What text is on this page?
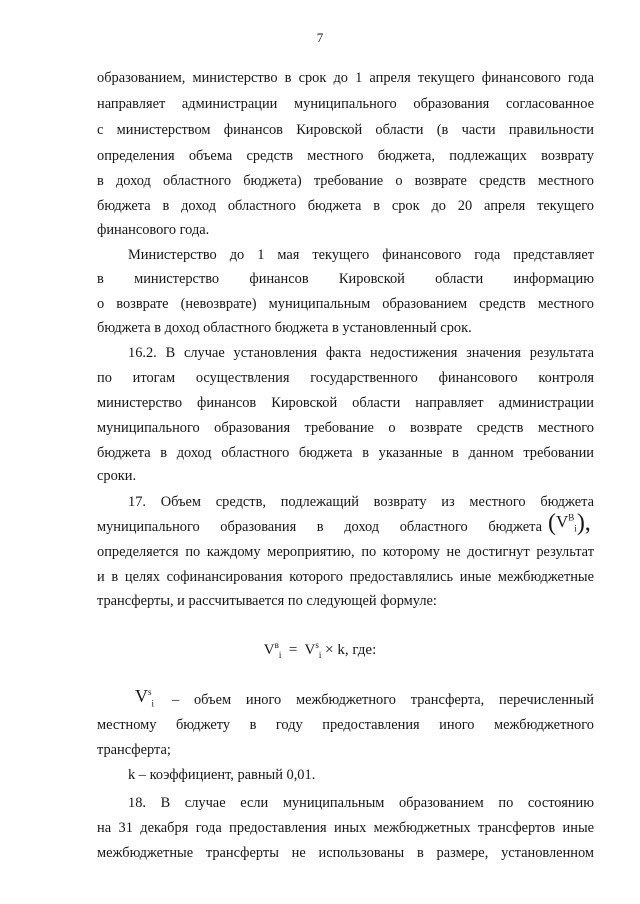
7
образованием, министерство в срок до 1 апреля текущего финансового года
направляет администрации муниципального образования согласованное
с министерством финансов Кировской области (в части правильности
определения объема средств местного бюджета, подлежащих возврату
в доход областного бюджета) требование о возврате средств местного
бюджета в доход областного бюджета в срок до 20 апреля текущего
финансового года.
Министерство до 1 мая текущего финансового года представляет
в министерство финансов Кировской области информацию
о возврате (невозврате) муниципальным образованием средств местного
бюджета в доход областного бюджета в установленный срок.
16.2. В случае установления факта недостижения значения результата
по итогам осуществления государственного финансового контроля
министерство финансов Кировской области направляет администрации
муниципального образования требование о возврате средств местного
бюджета в доход областного бюджета в указанные в данном требовании
сроки.
17. Объем средств, подлежащий возврату из местного бюджета
муниципального образования в доход областного бюджета $(V^B_i)$,
определяется по каждому мероприятию, по которому не достигнут результат
и в целях софинансирования которого предоставлялись иные межбюджетные
трансферты, и рассчитывается по следующей формуле:
$V^в_i = V^s_i \times k$, где:
$V^s_i$ – объем иного межбюджетного трансферта, перечисленный
местному бюджету в году предоставления иного межбюджетного
трансферта;
k – коэффициент, равный 0,01.
18. В случае если муниципальным образованием по состоянию
на 31 декабря года предоставления иных межбюджетных трансфертов иные
межбюджетные трансферты не использованы в размере, установленном
